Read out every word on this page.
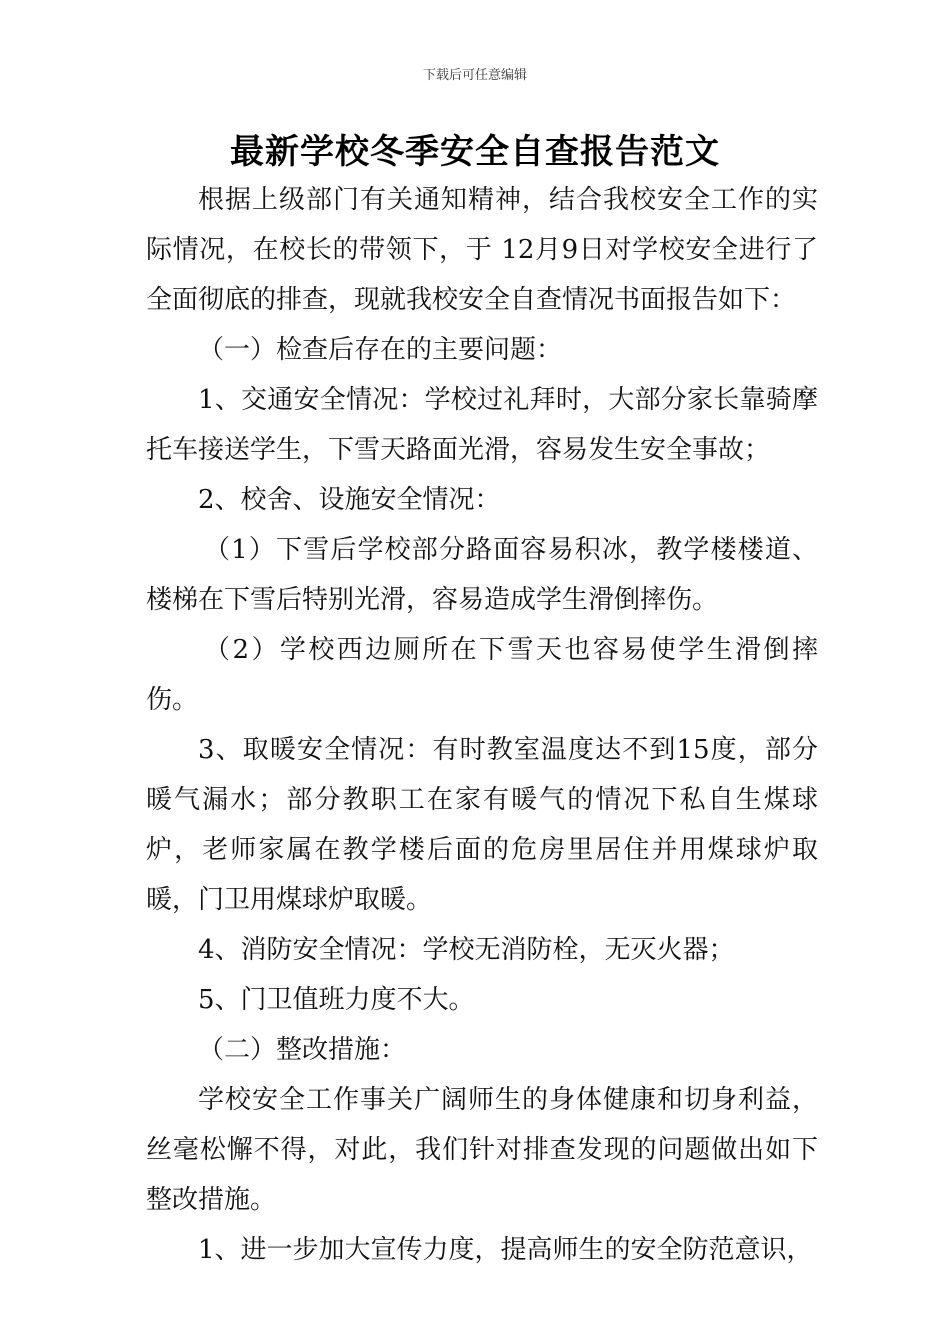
下载后可任意编辑
最新学校冬季安全自查报告范文

根据上级部门有关通知精神，结合我校安全工作的实际情况，在校长的带领下，于 12月9日对学校安全进行了全面彻底的排查，现就我校安全自查情况书面报告如下：

（一）检查后存在的主要问题：

1、交通安全情况：学校过礼拜时，大部分家长靠骑摩托车接送学生，下雪天路面光滑，容易发生安全事故；

2、校舍、设施安全情况：

（1）下雪后学校部分路面容易积冰，教学楼楼道、楼梯在下雪后特别光滑，容易造成学生滑倒摔伤。

（2）学校西边厕所在下雪天也容易使学生滑倒摔伤。

3、取暖安全情况：有时教室温度达不到15度，部分暖气漏水；部分教职工在家有暖气的情况下私自生煤球炉，老师家属在教学楼后面的危房里居住并用煤球炉取暖，门卫用煤球炉取暖。

4、消防安全情况：学校无消防栓，无灭火器；

5、门卫值班力度不大。

（二）整改措施：

学校安全工作事关广阔师生的身体健康和切身利益，丝毫松懈不得，对此，我们针对排查发现的问题做出如下整改措施。

1、进一步加大宣传力度，提高师生的安全防范意识，
